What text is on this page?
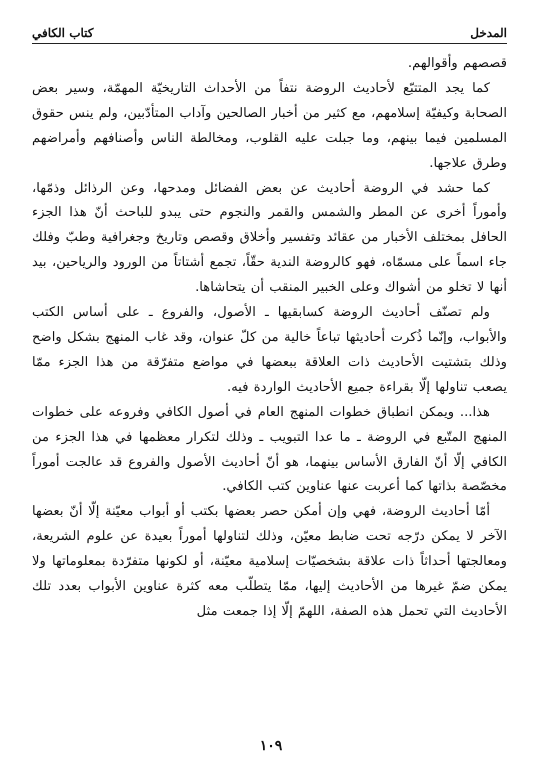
المدخل
كتاب الكافي

قصصهم وأقوالهم.

كما يجد المتتبّع لأحاديث الروضة نتفاً من الأحداث التاريخيّة المهمّة، وسير بعض الصحابة وكيفيّة إسلامهم، مع كثير من أخبار الصالحين وآداب المتأدّبين، ولم ينس حقوق المسلمين فيما بينهم، وما جبلت عليه القلوب، ومخالطة الناس وأصنافهم وأمراضهم وطرق علاجها.

كما حشد في الروضة أحاديث عن بعض الفضائل ومدحها، وعن الرذائل وذمّها، وأموراً أخرى عن المطر والشمس والقمر والنجوم حتى يبدو للباحث أنّ هذا الجزء الحافل بمختلف الأخبار من عقائد وتفسير وأخلاق وقصص وتاريخ وجغرافية وطبّ وفلك جاء اسماً على مسمّاه، فهو كالروضة الندية حقّاً، تجمع أشتاتاً من الورود والرياحين، بيد أنها لا تخلو من أشواك وعلى الخبير المنقب أن يتحاشاها.

ولم تصنّف أحاديث الروضة كسابقيها ـ الأصول، والفروع ـ على أساس الكتب والأبواب، وإنّما ذُكرت أحاديثها تباعاً خالية من كلّ عنوان، وقد غاب المنهج بشكل واضح وذلك بتشتيت الأحاديث ذات العلاقة ببعضها في مواضع متفرّقة من هذا الجزء ممّا يصعب تناولها إلّا بقراءة جميع الأحاديث الواردة فيه.

هذا... ويمكن انطباق خطوات المنهج العام في أصول الكافي وفروعه على خطوات المنهج المتّبع في الروضة ـ ما عدا التبويب ـ وذلك لتكرار معظمها في هذا الجزء من الكافي إلّا أنّ الفارق الأساس بينهما، هو أنّ أحاديث الأصول والفروع قد عالجت أموراً مخصّصة بذاتها كما أعربت عنها عناوين كتب الكافي.

أمّا أحاديث الروضة، فهي وإن أمكن حصر بعضها بكتب أو أبواب معيّنة إلّا أنّ بعضها الآخر لا يمكن درّجه تحت ضابط معيّن، وذلك لتناولها أموراً بعيدة عن علوم الشريعة، ومعالجتها أحداثاً ذات علاقة بشخصيّات إسلامية معيّنة، أو لكونها متفرّدة بمعلوماتها ولا يمكن ضمّ غيرها من الأحاديث إليها، ممّا يتطلّب معه كثرة عناوين الأبواب بعدد تلك الأحاديث التي تحمل هذه الصفة، اللهمّ إلّا إذا جمعت مثل

١٠٩
